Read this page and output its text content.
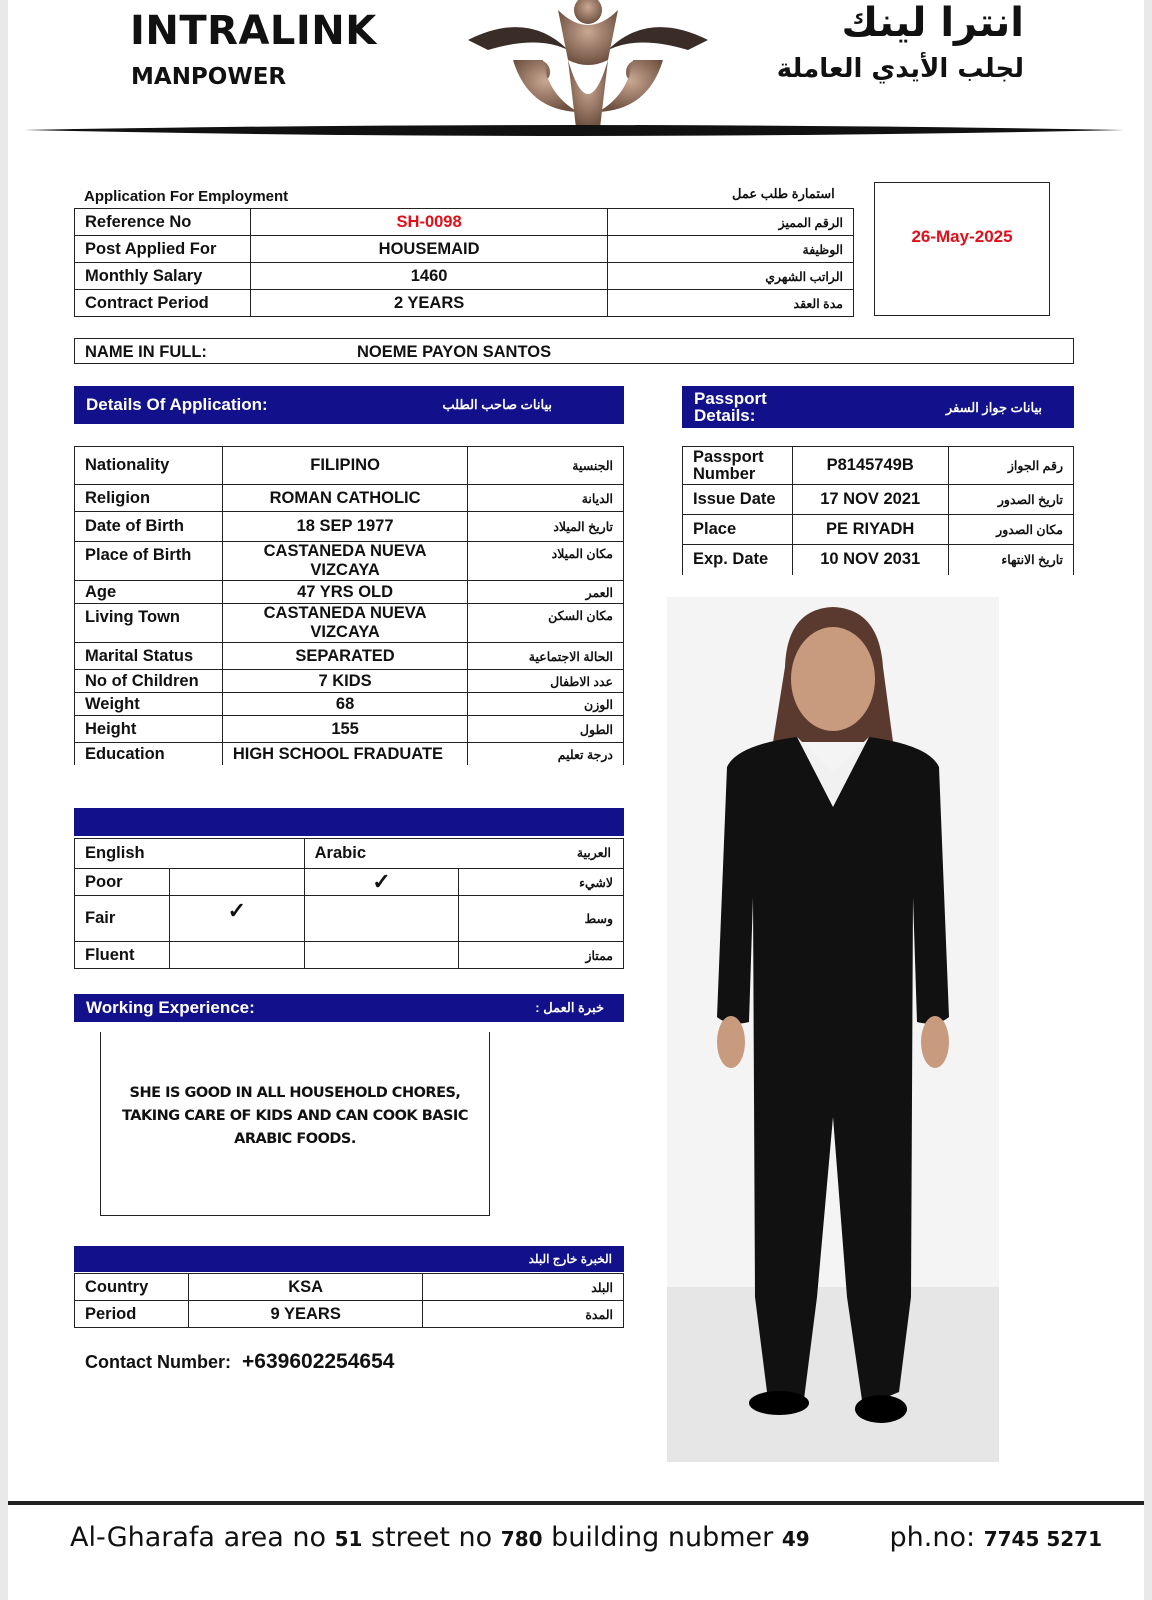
INTRALINK
MANPOWER
انترا لينك
لجلب الأيدي العاملة
Application For Employment	استمارة طلب عمل
Reference No	SH-0098	الرقم المميز
Post Applied For	HOUSEMAID	الوظيفة
Monthly Salary	1460	الراتب الشهري
Contract Period	2 YEARS	مدة العقد
26-May-2025
NAME IN FULL:	NOEME PAYON SANTOS
Details Of Application:	بيانات صاحب الطلب
Nationality	FILIPINO	الجنسية
Religion	ROMAN CATHOLIC	الديانة
Date of Birth	18 SEP 1977	تاريخ الميلاد
Place of Birth	CASTANEDA NUEVA VIZCAYA	مكان الميلاد
Age	47 YRS OLD	العمر
Living Town	CASTANEDA NUEVA VIZCAYA	مكان السكن
Marital Status	SEPARATED	الحالة الاجتماعية
No of Children	7 KIDS	عدد الاطفال
Weight	68	الوزن
Height	155	الطول
Education	HIGH SCHOOL FRADUATE	درجة تعليم
Passport Details:	بيانات جواز السفر
Passport Number	P8145749B	رقم الجواز
Issue Date	17 NOV 2021	تاريخ الصدور
Place	PE RIYADH	مكان الصدور
Exp. Date	10 NOV 2031	تاريخ الانتهاء
English		Arabic العربية	

Poor		✓	لاشيء
Fair	✓		وسط
Fluent			ممتاز
Working Experience:	خبرة العمل :
SHE IS GOOD IN ALL HOUSEHOLD CHORES, TAKING CARE OF KIDS AND CAN COOK BASIC ARABIC FOODS.
الخبرة خارج البلد
Country	KSA	البلد
Period	9 YEARS	المدة
Contact Number: +639602254654
Al-Gharafa area no 51 street no 780 building nubmer 49	ph.no: 7745 5271
